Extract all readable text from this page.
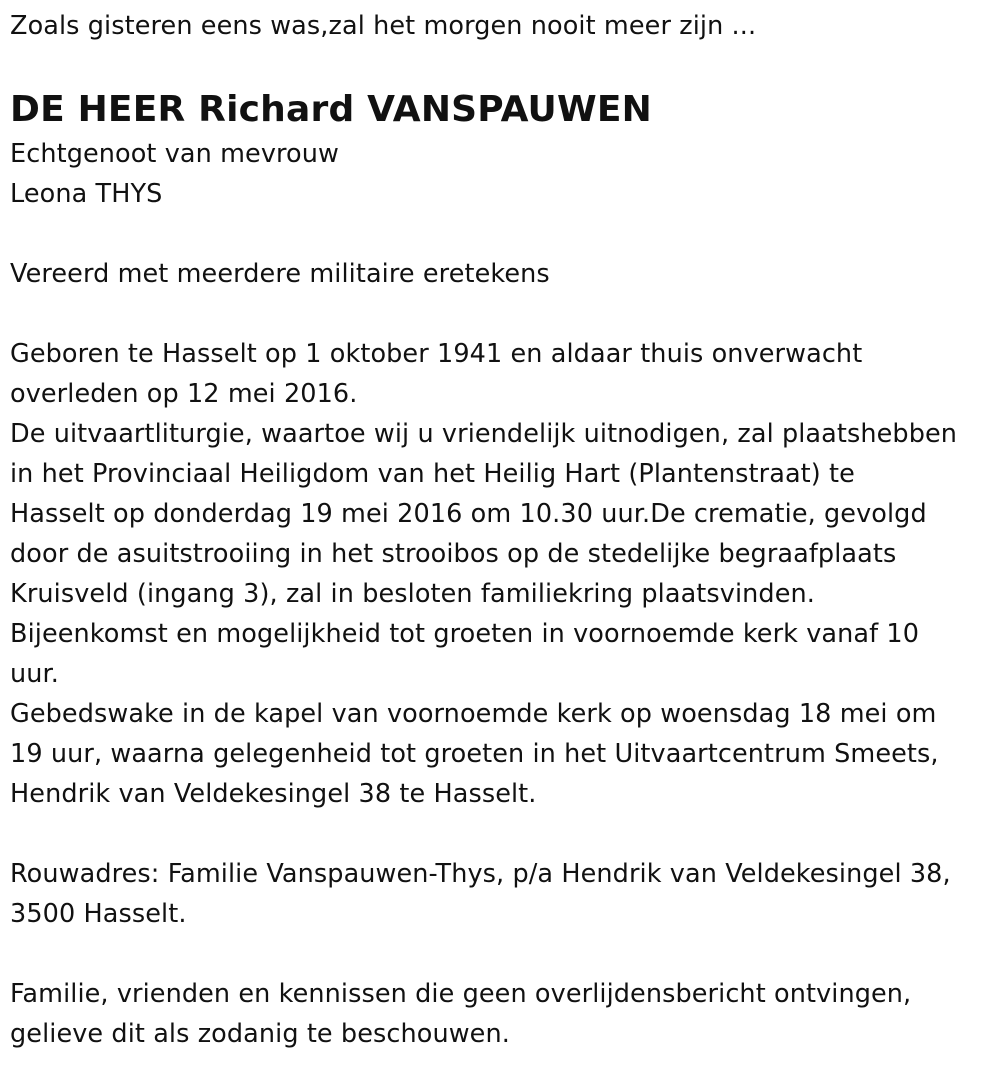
Zoals gisteren eens was,zal het morgen nooit meer zijn ...
DE HEER Richard VANSPAUWEN
Echtgenoot van mevrouw
Leona THYS
Vereerd met meerdere militaire eretekens
Geboren te Hasselt op 1 oktober 1941 en aldaar thuis onverwacht
overleden op 12 mei 2016.
De uitvaartliturgie, waartoe wij u vriendelijk uitnodigen, zal plaatshebben
in het Provinciaal Heiligdom van het Heilig Hart (Plantenstraat) te
Hasselt op donderdag 19 mei 2016 om 10.30 uur.De crematie, gevolgd
door de asuitstrooiing in het strooibos op de stedelijke begraafplaats
Kruisveld (ingang 3), zal in besloten familiekring plaatsvinden.
Bijeenkomst en mogelijkheid tot groeten in voornoemde kerk vanaf 10
uur.
Gebedswake in de kapel van voornoemde kerk op woensdag 18 mei om
19 uur, waarna gelegenheid tot groeten in het Uitvaartcentrum Smeets,
Hendrik van Veldekesingel 38 te Hasselt.
Rouwadres: Familie Vanspauwen-Thys, p/a Hendrik van Veldekesingel 38,
3500 Hasselt.
Familie, vrienden en kennissen die geen overlijdensbericht ontvingen,
gelieve dit als zodanig te beschouwen.
